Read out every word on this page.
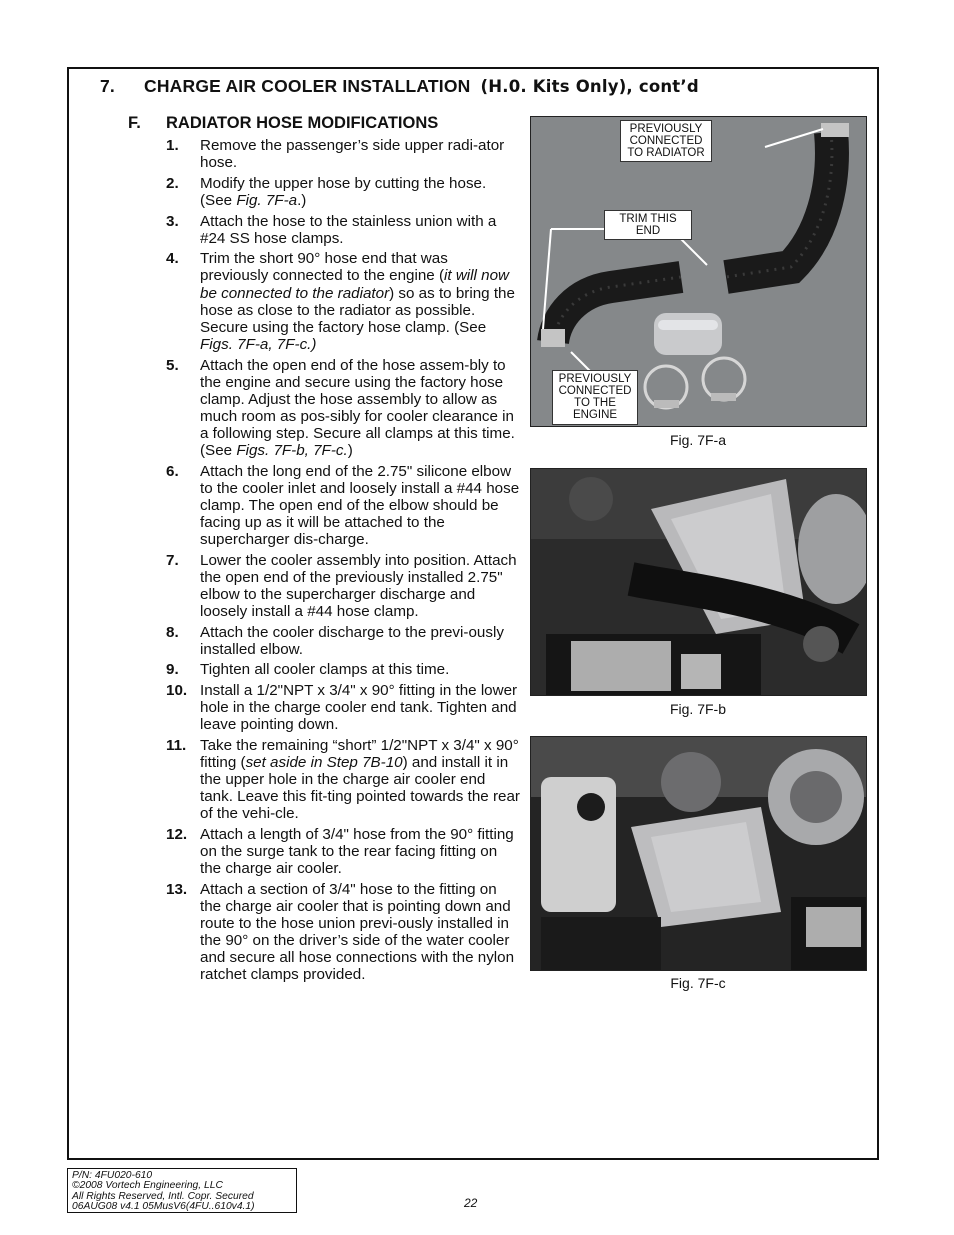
7. CHARGE AIR COOLER INSTALLATION (H.0. Kits Only), cont’d
F. RADIATOR HOSE MODIFICATIONS
1. Remove the passenger’s side upper radi-ator hose.
2. Modify the upper hose by cutting the hose. (See Fig. 7F-a.)
3. Attach the hose to the stainless union with a #24 SS hose clamps.
4. Trim the short 90° hose end that was previously connected to the engine (it will now be connected to the radiator) so as to bring the hose as close to the radiator as possible. Secure using the factory hose clamp. (See Figs. 7F-a, 7F-c.)
5. Attach the open end of the hose assem-bly to the engine and secure using the factory hose clamp. Adjust the hose assembly to allow as much room as pos-sibly for cooler clearance in a following step. Secure all clamps at this time. (See Figs. 7F-b, 7F-c.)
6. Attach the long end of the 2.75" silicone elbow to the cooler inlet and loosely install a #44 hose clamp. The open end of the elbow should be facing up as it will be attached to the supercharger dis-charge.
7. Lower the cooler assembly into position. Attach the open end of the previously installed 2.75" elbow to the supercharger discharge and loosely install a #44 hose clamp.
8. Attach the cooler discharge to the previ-ously installed elbow.
9. Tighten all cooler clamps at this time.
10. Install a 1/2"NPT x 3/4" x 90° fitting in the lower hole in the charge cooler end tank. Tighten and leave pointing down.
11. Take the remaining “short” 1/2"NPT x 3/4" x 90° fitting (set aside in Step 7B-10) and install it in the upper hole in the charge air cooler end tank. Leave this fit-ting pointed towards the rear of the vehi-cle.
12. Attach a length of 3/4" hose from the 90° fitting on the surge tank to the rear facing fitting on the charge air cooler.
13. Attach a section of 3/4" hose to the fitting on the charge air cooler that is pointing down and route to the hose union previ-ously installed in the 90° on the driver’s side of the water cooler and secure all hose connections with the nylon ratchet clamps provided.
PREVIOUSLY CONNECTED TO RADIATOR
TRIM THIS END
PREVIOUSLY CONNECTED TO THE ENGINE
Fig. 7F-a
Fig. 7F-b
Fig. 7F-c
P/N: 4FU020-610
©2008 Vortech Engineering, LLC
All Rights Reserved, Intl. Copr. Secured
06AUG08 v4.1 05MusV6(4FU..610v4.1)	22
